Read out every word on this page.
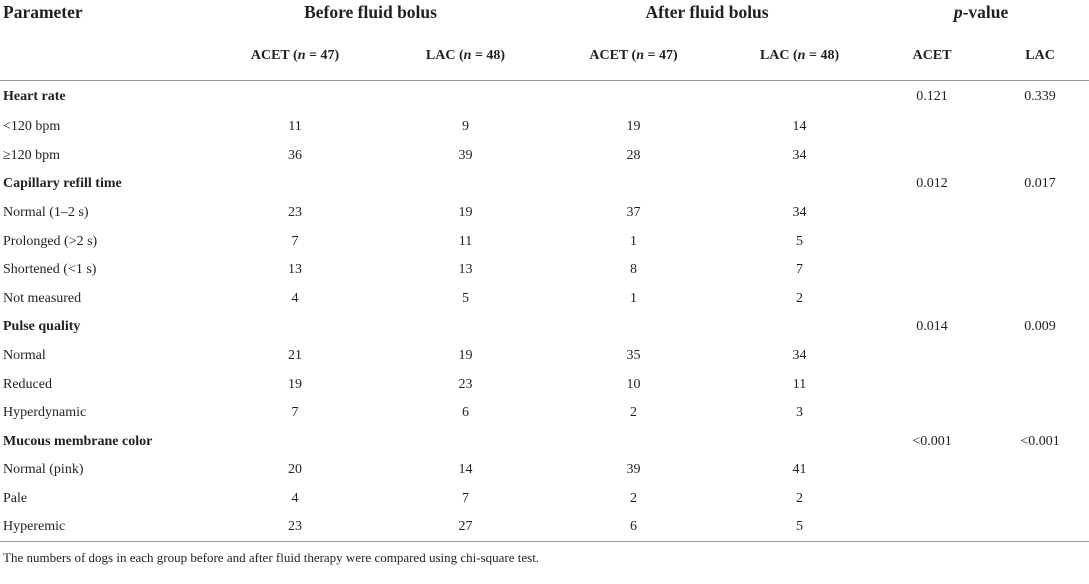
Parameter	Before fluid bolus		After fluid bolus		p-value	
	ACET (n = 47)	LAC (n = 48)	ACET (n = 47)	LAC (n = 48)	ACET	LAC
Heart rate					0.121	0.339
<120 bpm	11	9	19	14		
≥120 bpm	36	39	28	34		
Capillary refill time					0.012	0.017
Normal (1–2 s)	23	19	37	34		
Prolonged (>2 s)	7	11	1	5		
Shortened (<1 s)	13	13	8	7		
Not measured	4	5	1	2		
Pulse quality					0.014	0.009
Normal	21	19	35	34		
Reduced	19	23	10	11		
Hyperdynamic	7	6	2	3		
Mucous membrane color					<0.001	<0.001
Normal (pink)	20	14	39	41		
Pale	4	7	2	2		
Hyperemic	23	27	6	5		
The numbers of dogs in each group before and after fluid therapy were compared using chi-square test.						
